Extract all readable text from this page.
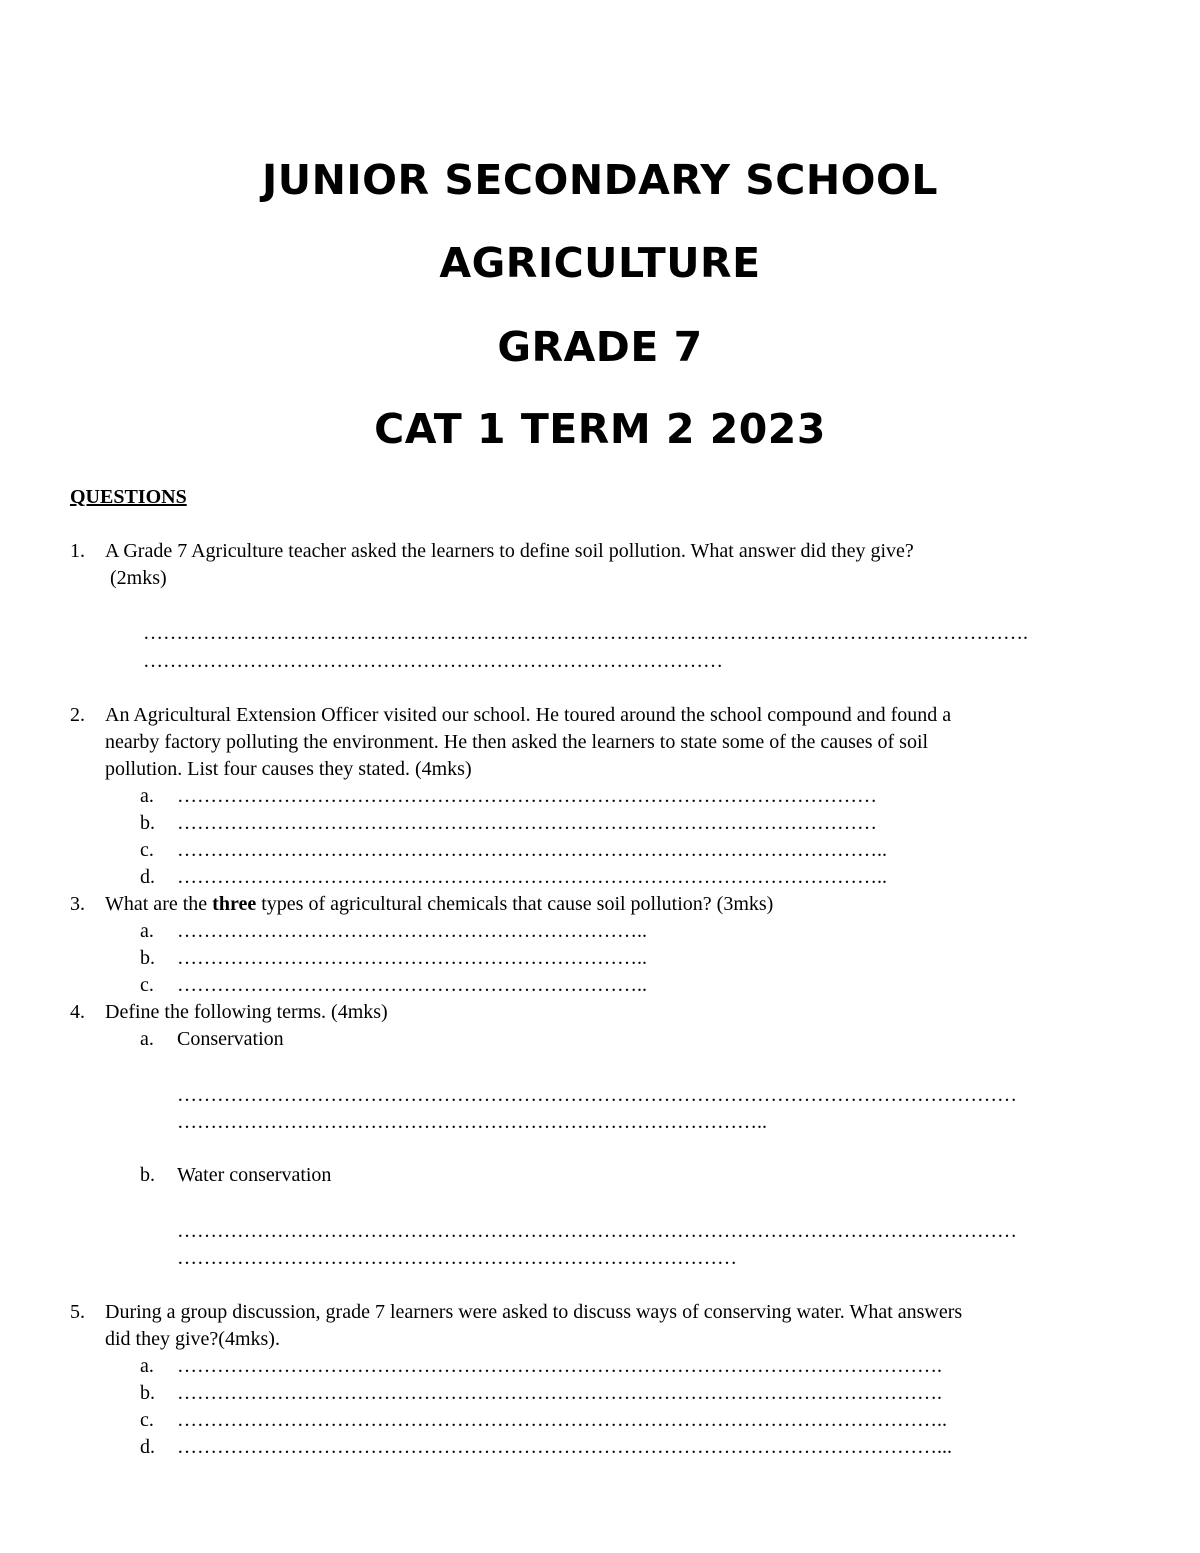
JUNIOR SECONDARY SCHOOL
AGRICULTURE
GRADE 7
CAT 1 TERM 2 2023
QUESTIONS
1. A Grade 7 Agriculture teacher asked the learners to define soil pollution. What answer did they give?
(2mks)
…………………………………………………………………………………………………………………….
……………………………………………………………………………
2. An Agricultural Extension Officer visited our school. He toured around the school compound and found a
nearby factory polluting the environment. He then asked the learners to state some of the causes of soil
pollution. List four causes they stated. (4mks)
a. ……………………………………………………………………………………………
b. ……………………………………………………………………………………………
c. ……………………………………………………………………………………………..
d. ……………………………………………………………………………………………..
3. What are the three types of agricultural chemicals that cause soil pollution? (3mks)
a. ……………………………………………………………..
b. ……………………………………………………………..
c. ……………………………………………………………..
4. Define the following terms. (4mks)
a. Conservation
………………………………………………………………………………………………………………
……………………………………………………………………………..
b. Water conservation
………………………………………………………………………………………………………………
…………………………………………………………………………
5. During a group discussion, grade 7 learners were asked to discuss ways of conserving water. What answers
did they give?(4mks).
a. …………………………………………………………………………………………………….
b. …………………………………………………………………………………………………….
c. ……………………………………………………………………………………………………..
d. ……………………………………………………………………………………………………...
